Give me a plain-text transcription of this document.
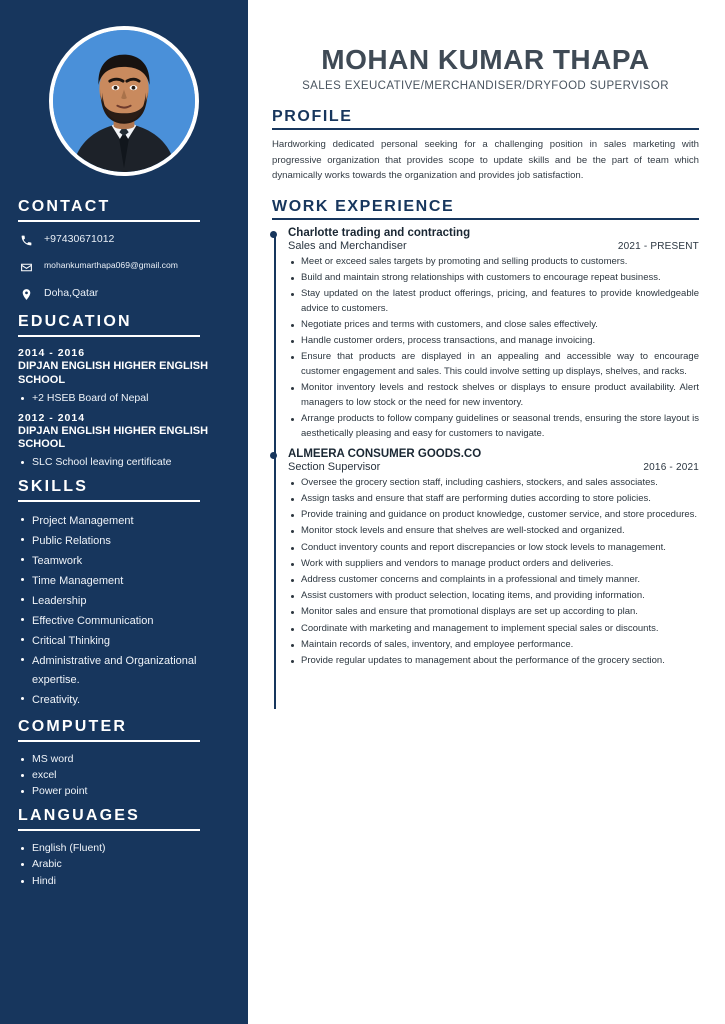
CONTACT
+97430671012
mohankumarthapa069@gmail.com
Doha,Qatar
EDUCATION
2014 - 2016
DIPJAN ENGLISH HIGHER ENGLISH SCHOOL
+2 HSEB Board of Nepal
2012 - 2014
DIPJAN ENGLISH HIGHER ENGLISH SCHOOL
SLC School leaving certificate
SKILLS
Project Management
Public Relations
Teamwork
Time Management
Leadership
Effective Communication
Critical Thinking
Administrative and Organizational expertise.
Creativity.
COMPUTER
MS word
excel
Power point
LANGUAGES
English (Fluent)
Arabic
Hindi
MOHAN KUMAR THAPA
SALES EXEUCATIVE/MERCHANDISER/DRYFOOD SUPERVISOR
PROFILE

Hardworking dedicated personal seeking for a challenging position in sales marketing with progressive organization that provides scope to update skills and be the part of team which dynamically works towards the organization and provides job satisfaction.

WORK EXPERIENCE
Charlotte trading and contracting
Sales and Merchandiser	2021 - PRESENT
Meet or exceed sales targets by promoting and selling products to customers.
Build and maintain strong relationships with customers to encourage repeat business.
Stay updated on the latest product offerings, pricing, and features to provide knowledgeable advice to customers.
Negotiate prices and terms with customers, and close sales effectively.
Handle customer orders, process transactions, and manage invoicing.
Ensure that products are displayed in an appealing and accessible way to encourage customer engagement and sales. This could involve setting up displays, shelves, and racks.
Monitor inventory levels and restock shelves or displays to ensure product availability. Alert managers to low stock or the need for new inventory.
Arrange products to follow company guidelines or seasonal trends, ensuring the store layout is aesthetically pleasing and easy for customers to navigate.
ALMEERA CONSUMER GOODS.CO
Section Supervisor	2016 - 2021
Oversee the grocery section staff, including cashiers, stockers, and sales associates.
Assign tasks and ensure that staff are performing duties according to store policies.
Provide training and guidance on product knowledge, customer service, and store procedures.
Monitor stock levels and ensure that shelves are well-stocked and organized.
Conduct inventory counts and report discrepancies or low stock levels to management.
Work with suppliers and vendors to manage product orders and deliveries.
Address customer concerns and complaints in a professional and timely manner.
Assist customers with product selection, locating items, and providing information.
Monitor sales and ensure that promotional displays are set up according to plan.
Coordinate with marketing and management to implement special sales or discounts.
Maintain records of sales, inventory, and employee performance.
Provide regular updates to management about the performance of the grocery section.
